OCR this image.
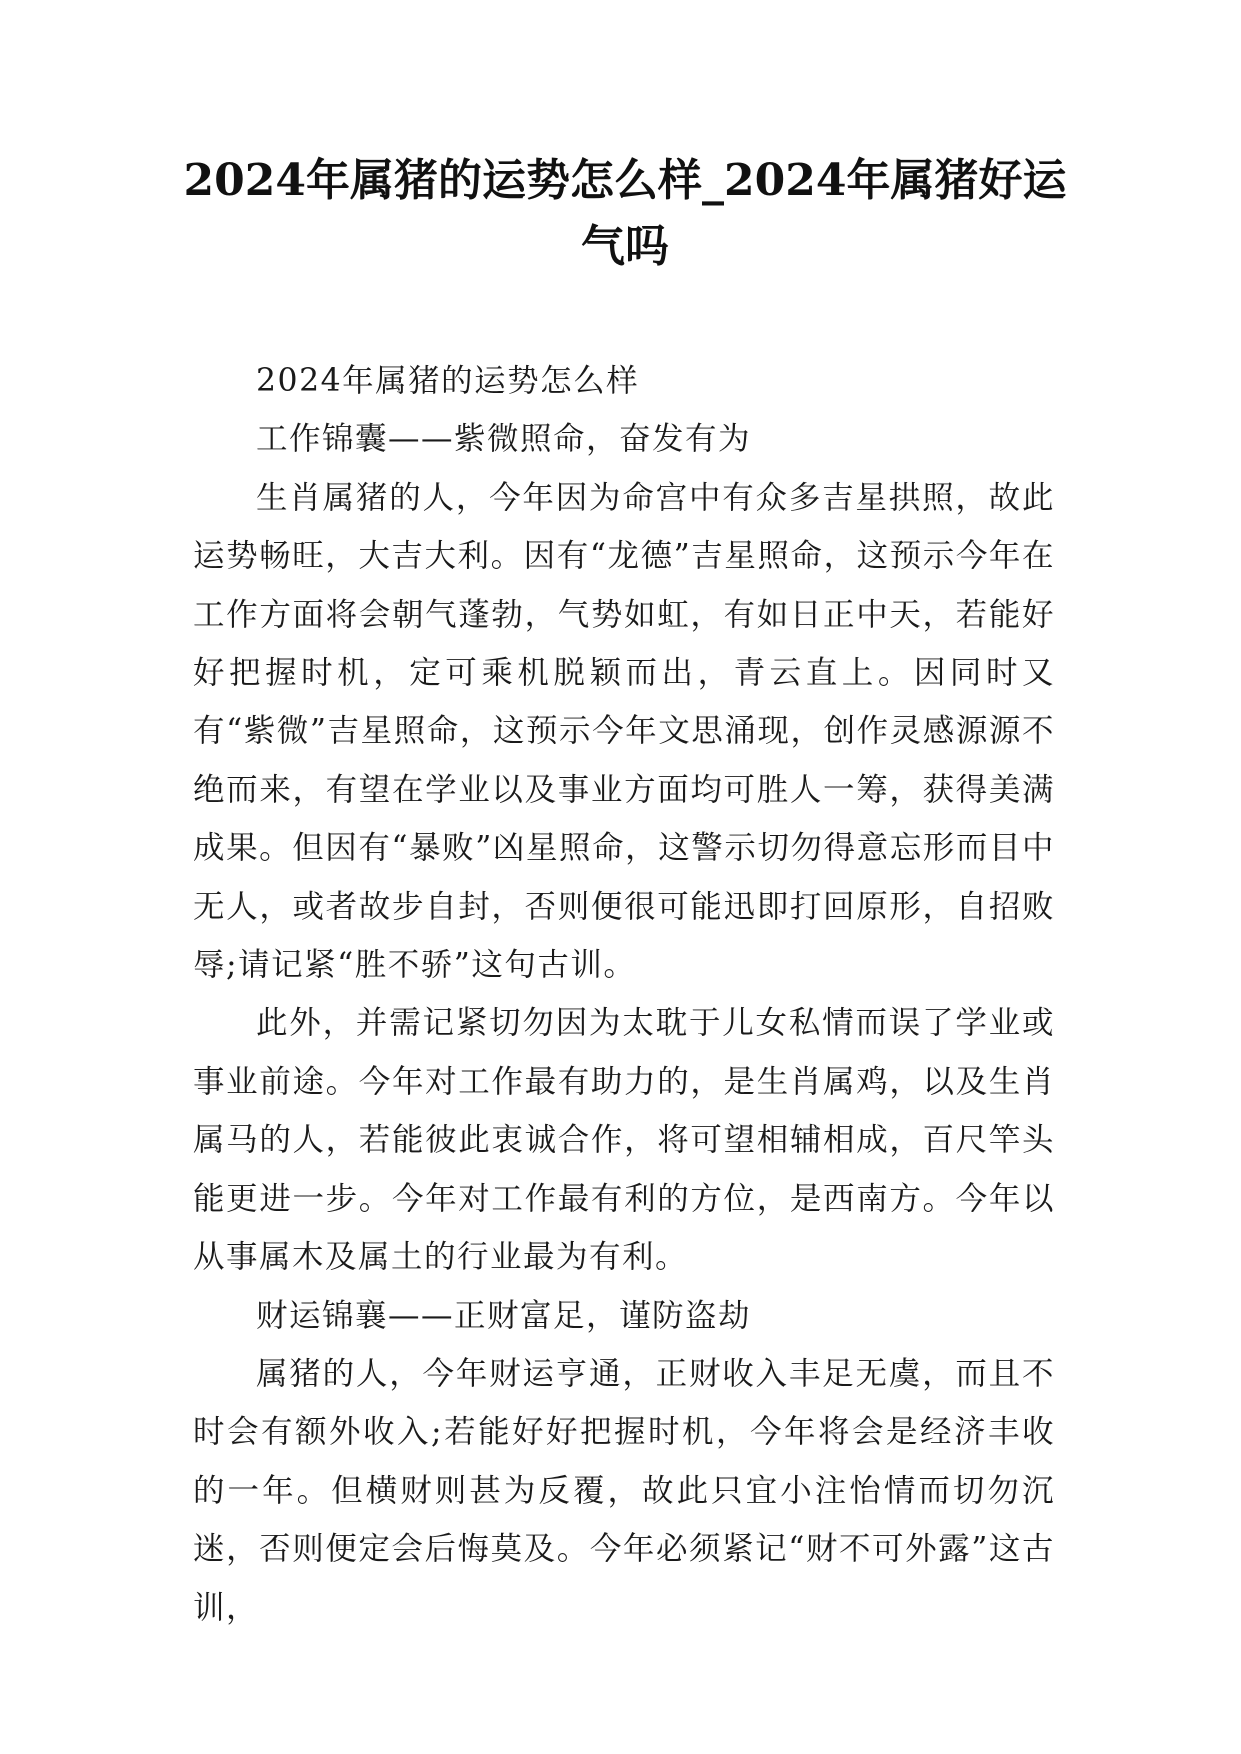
2024年属猪的运势怎么样_2024年属猪好运气吗

2024年属猪的运势怎么样

工作锦囊——紫微照命，奋发有为

生肖属猪的人，今年因为命宫中有众多吉星拱照，故此运势畅旺，大吉大利。因有“龙德”吉星照命，这预示今年在工作方面将会朝气蓬勃，气势如虹，有如日正中天，若能好好把握时机，定可乘机脱颖而出，青云直上。因同时又有“紫微”吉星照命，这预示今年文思涌现，创作灵感源源不绝而来，有望在学业以及事业方面均可胜人一筹，获得美满成果。但因有“暴败”凶星照命，这警示切勿得意忘形而目中无人，或者故步自封，否则便很可能迅即打回原形，自招败辱;请记紧“胜不骄”这句古训。

此外，并需记紧切勿因为太耽于儿女私情而误了学业或事业前途。今年对工作最有助力的，是生肖属鸡，以及生肖属马的人，若能彼此衷诚合作，将可望相辅相成，百尺竿头能更进一步。今年对工作最有利的方位，是西南方。今年以从事属木及属土的行业最为有利。

财运锦襄——正财富足，谨防盗劫

属猪的人，今年财运亨通，正财收入丰足无虞，而且不时会有额外收入;若能好好把握时机，今年将会是经济丰收的一年。但横财则甚为反覆，故此只宜小注怡情而切勿沉迷，否则便定会后悔莫及。今年必须紧记“财不可外露”这古训，
